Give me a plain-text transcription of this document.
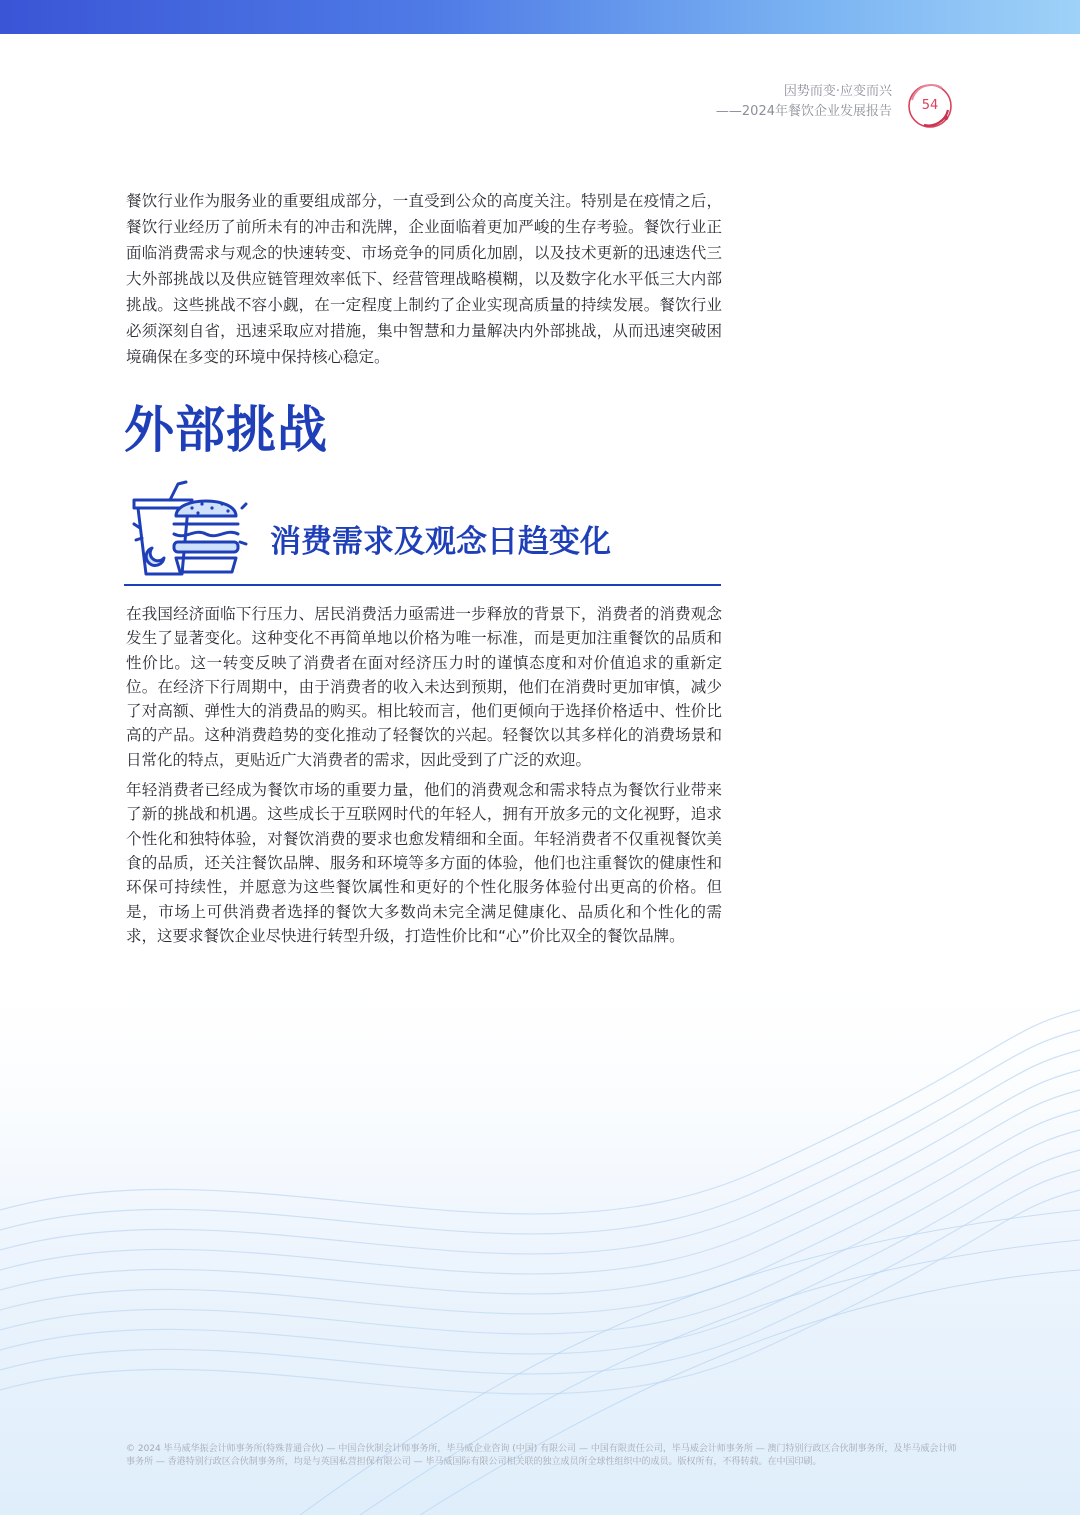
因势而变·应变而兴
——2024年餐饮企业发展报告	54

餐饮行业作为服务业的重要组成部分，一直受到公众的高度关注。特别是在疫情之后，餐饮行业经历了前所未有的冲击和洗牌，企业面临着更加严峻的生存考验。餐饮行业正面临消费需求与观念的快速转变、市场竞争的同质化加剧，以及技术更新的迅速迭代三大外部挑战以及供应链管理效率低下、经营管理战略模糊，以及数字化水平低三大内部挑战。这些挑战不容小觑，在一定程度上制约了企业实现高质量的持续发展。餐饮行业必须深刻自省，迅速采取应对措施，集中智慧和力量解决内外部挑战，从而迅速突破困境确保在多变的环境中保持核心稳定。

外部挑战
消费需求及观念日趋变化

在我国经济面临下行压力、居民消费活力亟需进一步释放的背景下，消费者的消费观念发生了显著变化。这种变化不再简单地以价格为唯一标准，而是更加注重餐饮的品质和性价比。这一转变反映了消费者在面对经济压力时的谨慎态度和对价值追求的重新定位。在经济下行周期中，由于消费者的收入未达到预期，他们在消费时更加审慎，减少了对高额、弹性大的消费品的购买。相比较而言，他们更倾向于选择价格适中、性价比高的产品。这种消费趋势的变化推动了轻餐饮的兴起。轻餐饮以其多样化的消费场景和日常化的特点，更贴近广大消费者的需求，因此受到了广泛的欢迎。

年轻消费者已经成为餐饮市场的重要力量，他们的消费观念和需求特点为餐饮行业带来了新的挑战和机遇。这些成长于互联网时代的年轻人，拥有开放多元的文化视野，追求个性化和独特体验，对餐饮消费的要求也愈发精细和全面。年轻消费者不仅重视餐饮美食的品质，还关注餐饮品牌、服务和环境等多方面的体验，他们也注重餐饮的健康性和环保可持续性，并愿意为这些餐饮属性和更好的个性化服务体验付出更高的价格。但是，市场上可供消费者选择的餐饮大多数尚未完全满足健康化、品质化和个性化的需求，这要求餐饮企业尽快进行转型升级，打造性价比和“心”价比双全的餐饮品牌。

© 2024 毕马威华振会计师事务所(特殊普通合伙) — 中国合伙制会计师事务所，毕马威企业咨询 (中国) 有限公司 — 中国有限责任公司，毕马威会计师事务所 — 澳门特别行政区合伙制事务所，及毕马威会计师事务所 — 香港特别行政区合伙制事务所，均是与英国私营担保有限公司 — 毕马威国际有限公司相关联的独立成员所全球性组织中的成员。版权所有，不得转载。在中国印刷。
